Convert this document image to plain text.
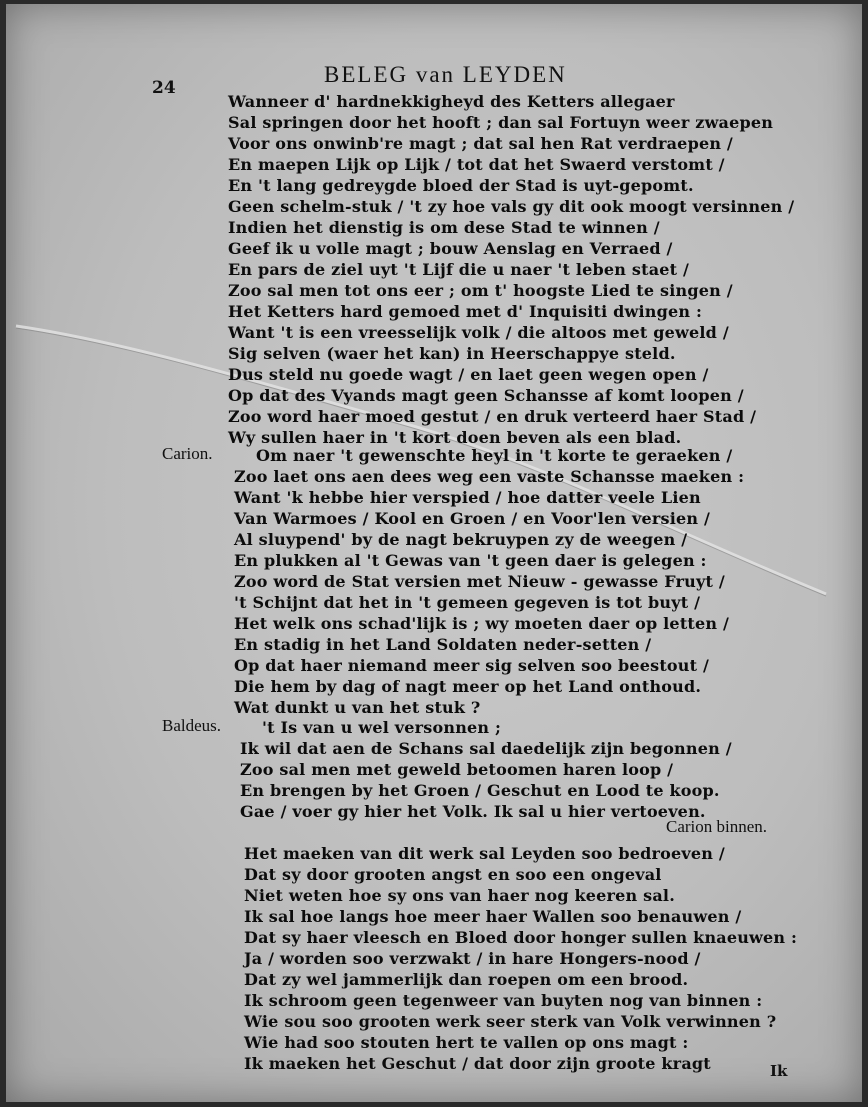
24
BELEG van LEYDEN
Wanneer d' hardnekkigheyd des Ketters allegaer
Sal springen door het hooft ; dan sal Fortuyn weer zwaepen
Voor ons onwinb're magt ; dat sal hen Rat verdraepen /
En maepen Lijk op Lijk / tot dat het Swaerd verstomt /
En 't lang gedreygde bloed der Stad is uyt-gepomt.
Geen schelm-stuk / 't zy hoe vals gy dit ook moogt versinnen /
Indien het dienstig is om dese Stad te winnen /
Geef ik u volle magt ; bouw Aenslag en Verraed /
En pars de ziel uyt 't Lijf die u naer 't leben staet /
Zoo sal men tot ons eer ; om t' hoogste Lied te singen /
Het Ketters hard gemoed met d' Inquisiti dwingen :
Want 't is een vreesselijk volk / die altoos met geweld /
Sig selven (waer het kan) in Heerschappye steld.
Dus steld nu goede wagt / en laet geen wegen open /
Op dat des Vyands magt geen Schansse af komt loopen /
Zoo word haer moed gestut / en druk verteerd haer Stad /
Wy sullen haer in 't kort doen beven als een blad.
Carion.	Om naer 't gewenschte heyl in 't korte te geraeken /
Zoo laet ons aen dees weg een vaste Schansse maeken :
Want 'k hebbe hier verspied / hoe datter veele Lien
Van Warmoes / Kool en Groen / en Voor'len versien /
Al sluypend' by de nagt bekruypen zy de weegen /
En plukken al 't Gewas van 't geen daer is gelegen :
Zoo word de Stat versien met Nieuw - gewasse Fruyt /
't Schijnt dat het in 't gemeen gegeven is tot buyt /
Het welk ons schad'lijk is ; wy moeten daer op letten /
En stadig in het Land Soldaten neder-setten /
Op dat haer niemand meer sig selven soo beestout /
Die hem by dag of nagt meer op het Land onthoud.
Wat dunkt u van het stuk ?
Baldeus.	't Is van u wel versonnen ;
Ik wil dat aen de Schans sal daedelijk zijn begonnen /
Zoo sal men met geweld betoomen haren loop /
En brengen by het Groen / Geschut en Lood te koop.
Gae / voer gy hier het Volk. Ik sal u hier vertoeven.
Carion binnen.
Het maeken van dit werk sal Leyden soo bedroeven /
Dat sy door grooten angst en soo een ongeval
Niet weten hoe sy ons van haer nog keeren sal.
Ik sal hoe langs hoe meer haer Wallen soo benauwen /
Dat sy haer vleesch en Bloed door honger sullen knaeuwen :
Ja / worden soo verzwakt / in hare Hongers-nood /
Dat zy wel jammerlijk dan roepen om een brood.
Ik schroom geen tegenweer van buyten nog van binnen :
Wie sou soo grooten werk seer sterk van Volk verwinnen ?
Wie had soo stouten hert te vallen op ons magt :
Ik maeken het Geschut / dat door zijn groote kragt	Ik
